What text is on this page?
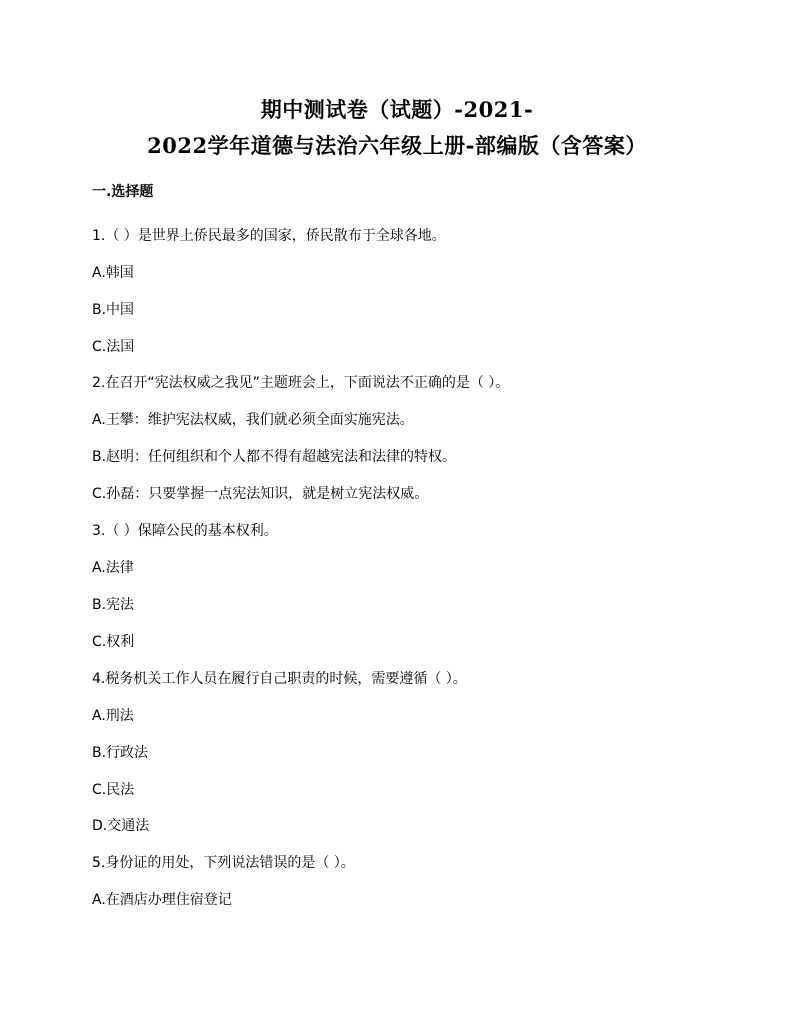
期中测试卷（试题）-2021-
2022学年道德与法治六年级上册-部编版（含答案）
一.选择题
1.（ ）是世界上侨民最多的国家，侨民散布于全球各地。
A.韩国
B.中国
C.法国
2.在召开“宪法权威之我见”主题班会上，下面说法不正确的是（ ）。
A.王攀：维护宪法权威，我们就必须全面实施宪法。
B.赵明：任何组织和个人都不得有超越宪法和法律的特权。
C.孙磊：只要掌握一点宪法知识，就是树立宪法权威。
3.（ ）保障公民的基本权利。
A.法律
B.宪法
C.权利
4.税务机关工作人员在履行自己职责的时候，需要遵循（ ）。
A.刑法
B.行政法
C.民法
D.交通法
5.身份证的用处，下列说法错误的是（ ）。
A.在酒店办理住宿登记
